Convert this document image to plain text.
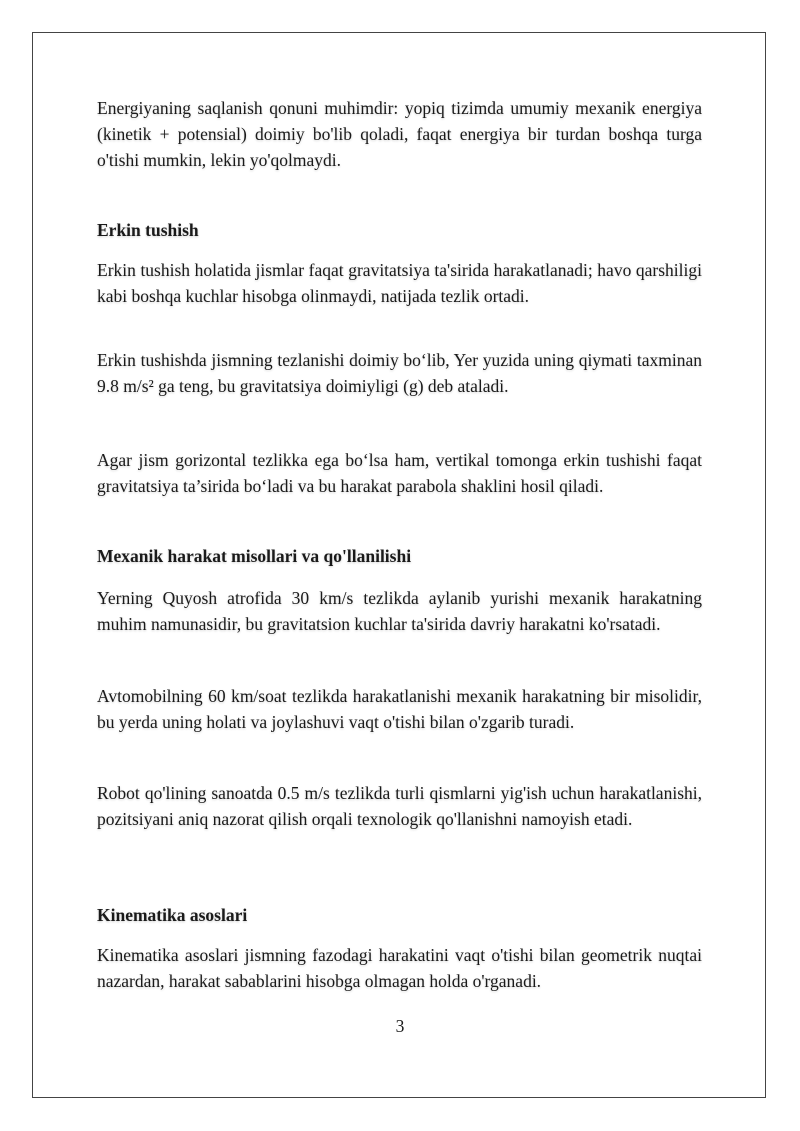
Energiyaning saqlanish qonuni muhimdir: yopiq tizimda umumiy mexanik energiya (kinetik + potensial) doimiy bo'lib qoladi, faqat energiya bir turdan boshqa turga o'tishi mumkin, lekin yo'qolmaydi.

Erkin tushish

Erkin tushish holatida jismlar faqat gravitatsiya ta'sirida harakatlanadi; havo qarshiligi kabi boshqa kuchlar hisobga olinmaydi, natijada tezlik ortadi.

Erkin tushishda jismning tezlanishi doimiy bo‘lib, Yer yuzida uning qiymati taxminan 9.8 m/s² ga teng, bu gravitatsiya doimiyligi (g) deb ataladi.

Agar jism gorizontal tezlikka ega bo‘lsa ham, vertikal tomonga erkin tushishi faqat gravitatsiya ta’sirida bo‘ladi va bu harakat parabola shaklini hosil qiladi.

Mexanik harakat misollari va qo'llanilishi

Yerning Quyosh atrofida 30 km/s tezlikda aylanib yurishi mexanik harakatning muhim namunasidir, bu gravitatsion kuchlar ta'sirida davriy harakatni ko'rsatadi.

Avtomobilning 60 km/soat tezlikda harakatlanishi mexanik harakatning bir misolidir, bu yerda uning holati va joylashuvi vaqt o'tishi bilan o'zgarib turadi.

Robot qo'lining sanoatda 0.5 m/s tezlikda turli qismlarni yig'ish uchun harakatlanishi, pozitsiyani aniq nazorat qilish orqali texnologik qo'llanishni namoyish etadi.

Kinematika asoslari

Kinematika asoslari jismning fazodagi harakatini vaqt o'tishi bilan geometrik nuqtai nazardan, harakat sabablarini hisobga olmagan holda o'rganadi.

3
